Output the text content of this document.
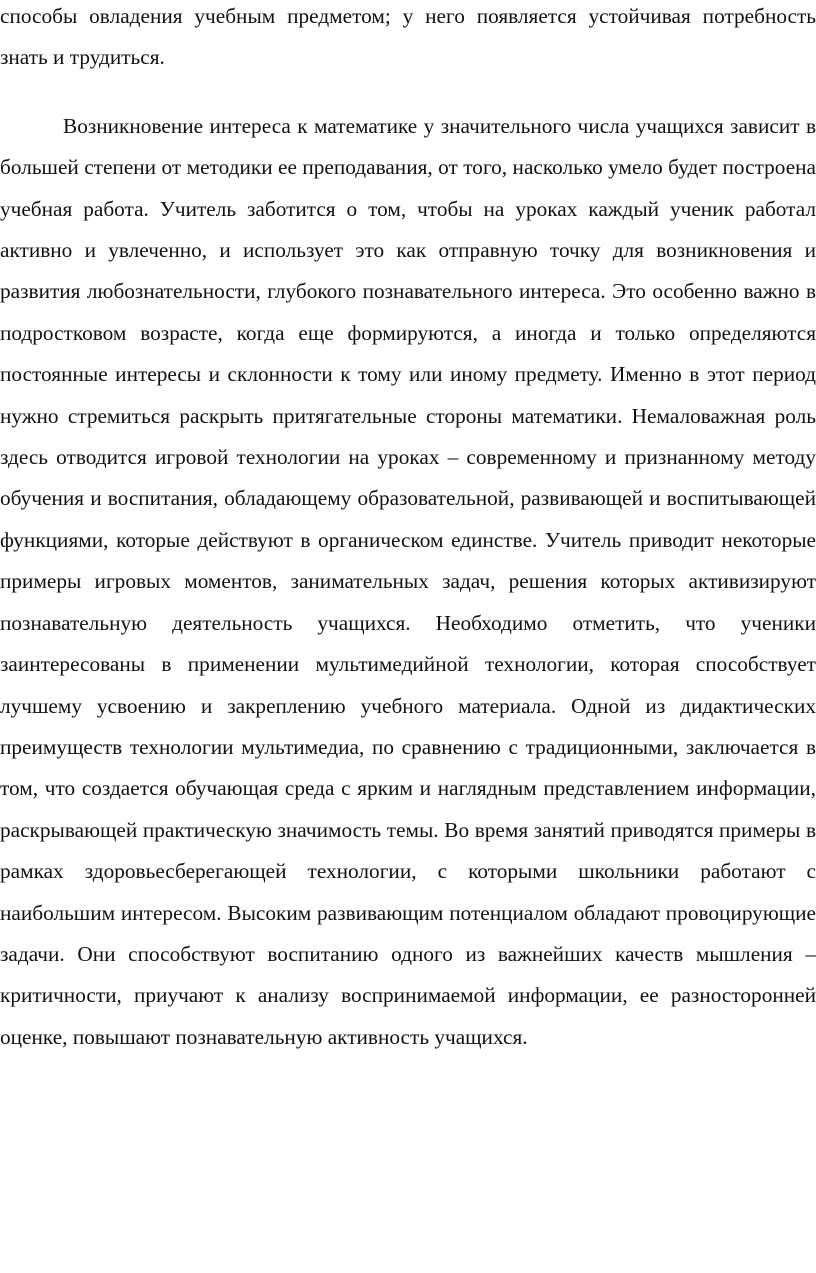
способы овладения учебным предметом; у него появляется устойчивая потребность знать и трудиться.

Возникновение интереса к математике у значительного числа учащихся зависит в большей степени от методики ее преподавания, от того, насколько умело будет построена учебная работа. Учитель заботится о том, чтобы на уроках каждый ученик работал активно и увлеченно, и использует это как отправную точку для возникновения и развития любознательности, глубокого познавательного интереса. Это особенно важно в подростковом возрасте, когда еще формируются, а иногда и только определяются постоянные интересы и склонности к тому или иному предмету. Именно в этот период нужно стремиться раскрыть притягательные стороны математики. Немаловажная роль здесь отводится игровой технологии на уроках – современному и признанному методу обучения и воспитания, обладающему образовательной, развивающей и воспитывающей функциями, которые действуют в органическом единстве. Учитель приводит некоторые примеры игровых моментов, занимательных задач, решения которых активизируют познавательную деятельность учащихся. Необходимо отметить, что ученики заинтересованы в применении мультимедийной технологии, которая способствует лучшему усвоению и закреплению учебного материала. Одной из дидактических преимуществ технологии мультимедиа, по сравнению с традиционными, заключается в том, что создается обучающая среда с ярким и наглядным представлением информации, раскрывающей практическую значимость темы. Во время занятий приводятся примеры в рамках здоровьесберегающей технологии, с которыми школьники работают с наибольшим интересом. Высоким развивающим потенциалом обладают провоцирующие задачи. Они способствуют воспитанию одного из важнейших качеств мышления – критичности, приучают к анализу воспринимаемой информации, ее разносторонней оценке, повышают познавательную активность учащихся.
